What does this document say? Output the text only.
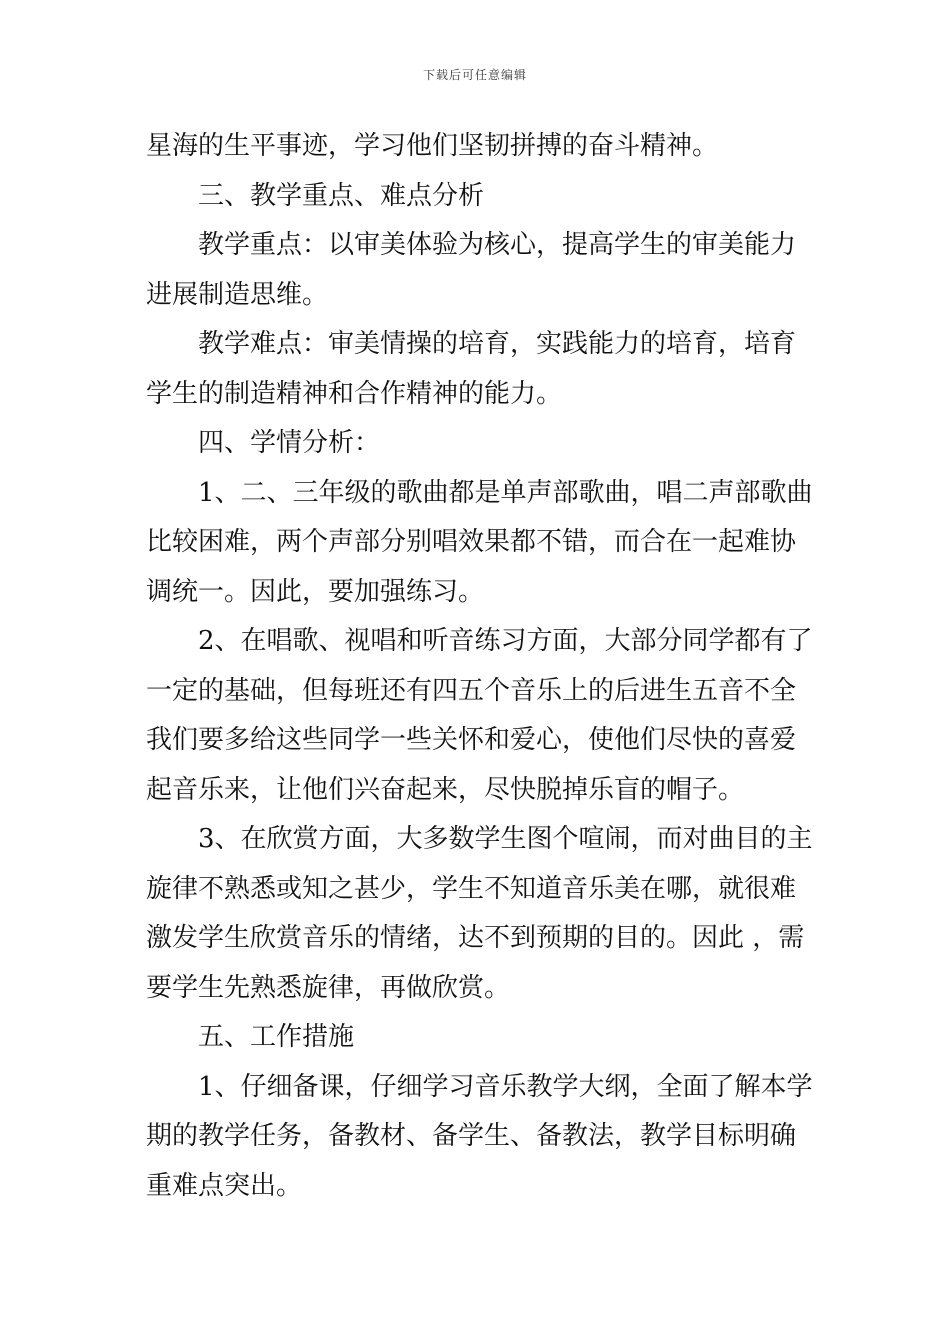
下载后可任意编辑
星海的生平事迹，学习他们坚韧拼搏的奋斗精神。
三、教学重点、难点分析
教学重点：以审美体验为核心，提高学生的审美能力
进展制造思维。
教学难点：审美情操的培育，实践能力的培育，培育
学生的制造精神和合作精神的能力。
四、学情分析：
1、二、三年级的歌曲都是单声部歌曲，唱二声部歌曲
比较困难，两个声部分别唱效果都不错，而合在一起难协
调统一。因此，要加强练习。
2、在唱歌、视唱和听音练习方面，大部分同学都有了
一定的基础，但每班还有四五个音乐上的后进生五音不全
我们要多给这些同学一些关怀和爱心，使他们尽快的喜爱
起音乐来，让他们兴奋起来，尽快脱掉乐盲的帽子。
3、在欣赏方面，大多数学生图个喧闹，而对曲目的主
旋律不熟悉或知之甚少，学生不知道音乐美在哪，就很难
激发学生欣赏音乐的情绪，达不到预期的目的。因此 ，需
要学生先熟悉旋律，再做欣赏。
五、工作措施
1、仔细备课，仔细学习音乐教学大纲，全面了解本学
期的教学任务，备教材、备学生、备教法，教学目标明确
重难点突出。
